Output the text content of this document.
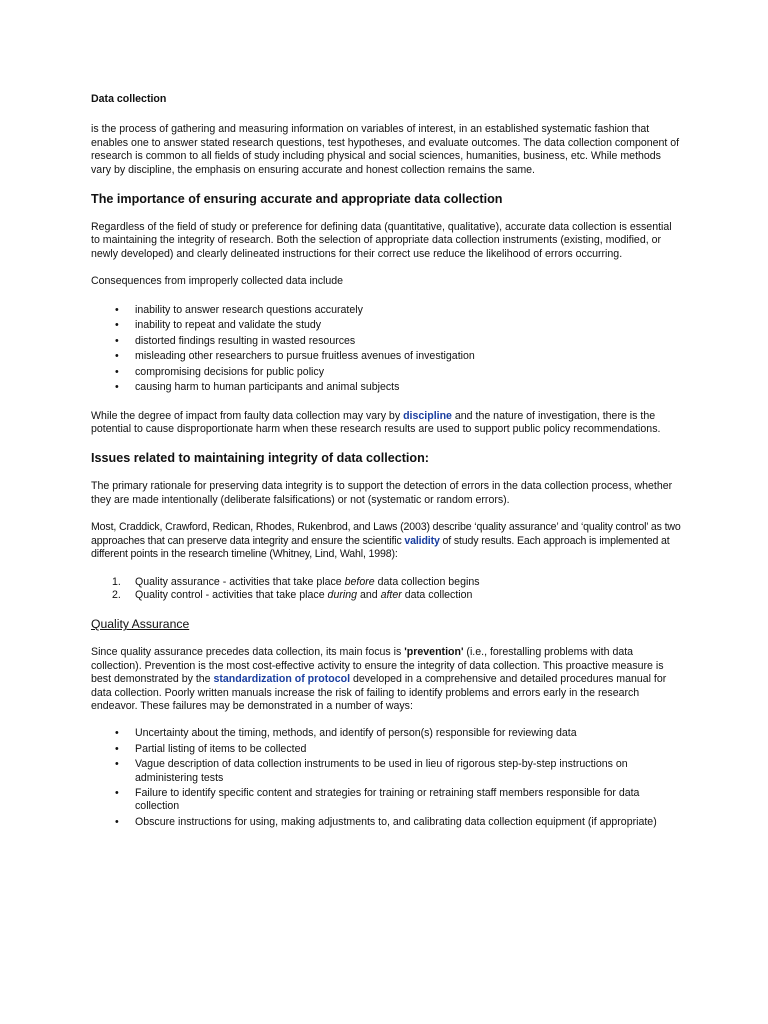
Data collection

is the process of gathering and measuring information on variables of interest, in an established systematic fashion that enables one to answer stated research questions, test hypotheses, and evaluate outcomes. The data collection component of research is common to all fields of study including physical and social sciences, humanities, business, etc. While methods vary by discipline, the emphasis on ensuring accurate and honest collection remains the same.

The importance of ensuring accurate and appropriate data collection

Regardless of the field of study or preference for defining data (quantitative, qualitative), accurate data collection is essential to maintaining the integrity of research. Both the selection of appropriate data collection instruments (existing, modified, or newly developed) and clearly delineated instructions for their correct use reduce the likelihood of errors occurring.

Consequences from improperly collected data include

• inability to answer research questions accurately
• inability to repeat and validate the study
• distorted findings resulting in wasted resources
• misleading other researchers to pursue fruitless avenues of investigation
• compromising decisions for public policy
• causing harm to human participants and animal subjects

While the degree of impact from faulty data collection may vary by discipline and the nature of investigation, there is the potential to cause disproportionate harm when these research results are used to support public policy recommendations.

Issues related to maintaining integrity of data collection:

The primary rationale for preserving data integrity is to support the detection of errors in the data collection process, whether they are made intentionally (deliberate falsifications) or not (systematic or random errors).

Most, Craddick, Crawford, Redican, Rhodes, Rukenbrod, and Laws (2003) describe ‘quality assurance’ and ‘quality control’ as two approaches that can preserve data integrity and ensure the scientific validity of study results. Each approach is implemented at different points in the research timeline (Whitney, Lind, Wahl, 1998):

1. Quality assurance - activities that take place before data collection begins
2. Quality control - activities that take place during and after data collection

Quality Assurance

Since quality assurance precedes data collection, its main focus is 'prevention' (i.e., forestalling problems with data collection). Prevention is the most cost-effective activity to ensure the integrity of data collection. This proactive measure is best demonstrated by the standardization of protocol developed in a comprehensive and detailed procedures manual for data collection. Poorly written manuals increase the risk of failing to identify problems and errors early in the research endeavor. These failures may be demonstrated in a number of ways:

• Uncertainty about the timing, methods, and identify of person(s) responsible for reviewing data
• Partial listing of items to be collected
• Vague description of data collection instruments to be used in lieu of rigorous step-by-step instructions on administering tests
• Failure to identify specific content and strategies for training or retraining staff members responsible for data collection
• Obscure instructions for using, making adjustments to, and calibrating data collection equipment (if appropriate)
